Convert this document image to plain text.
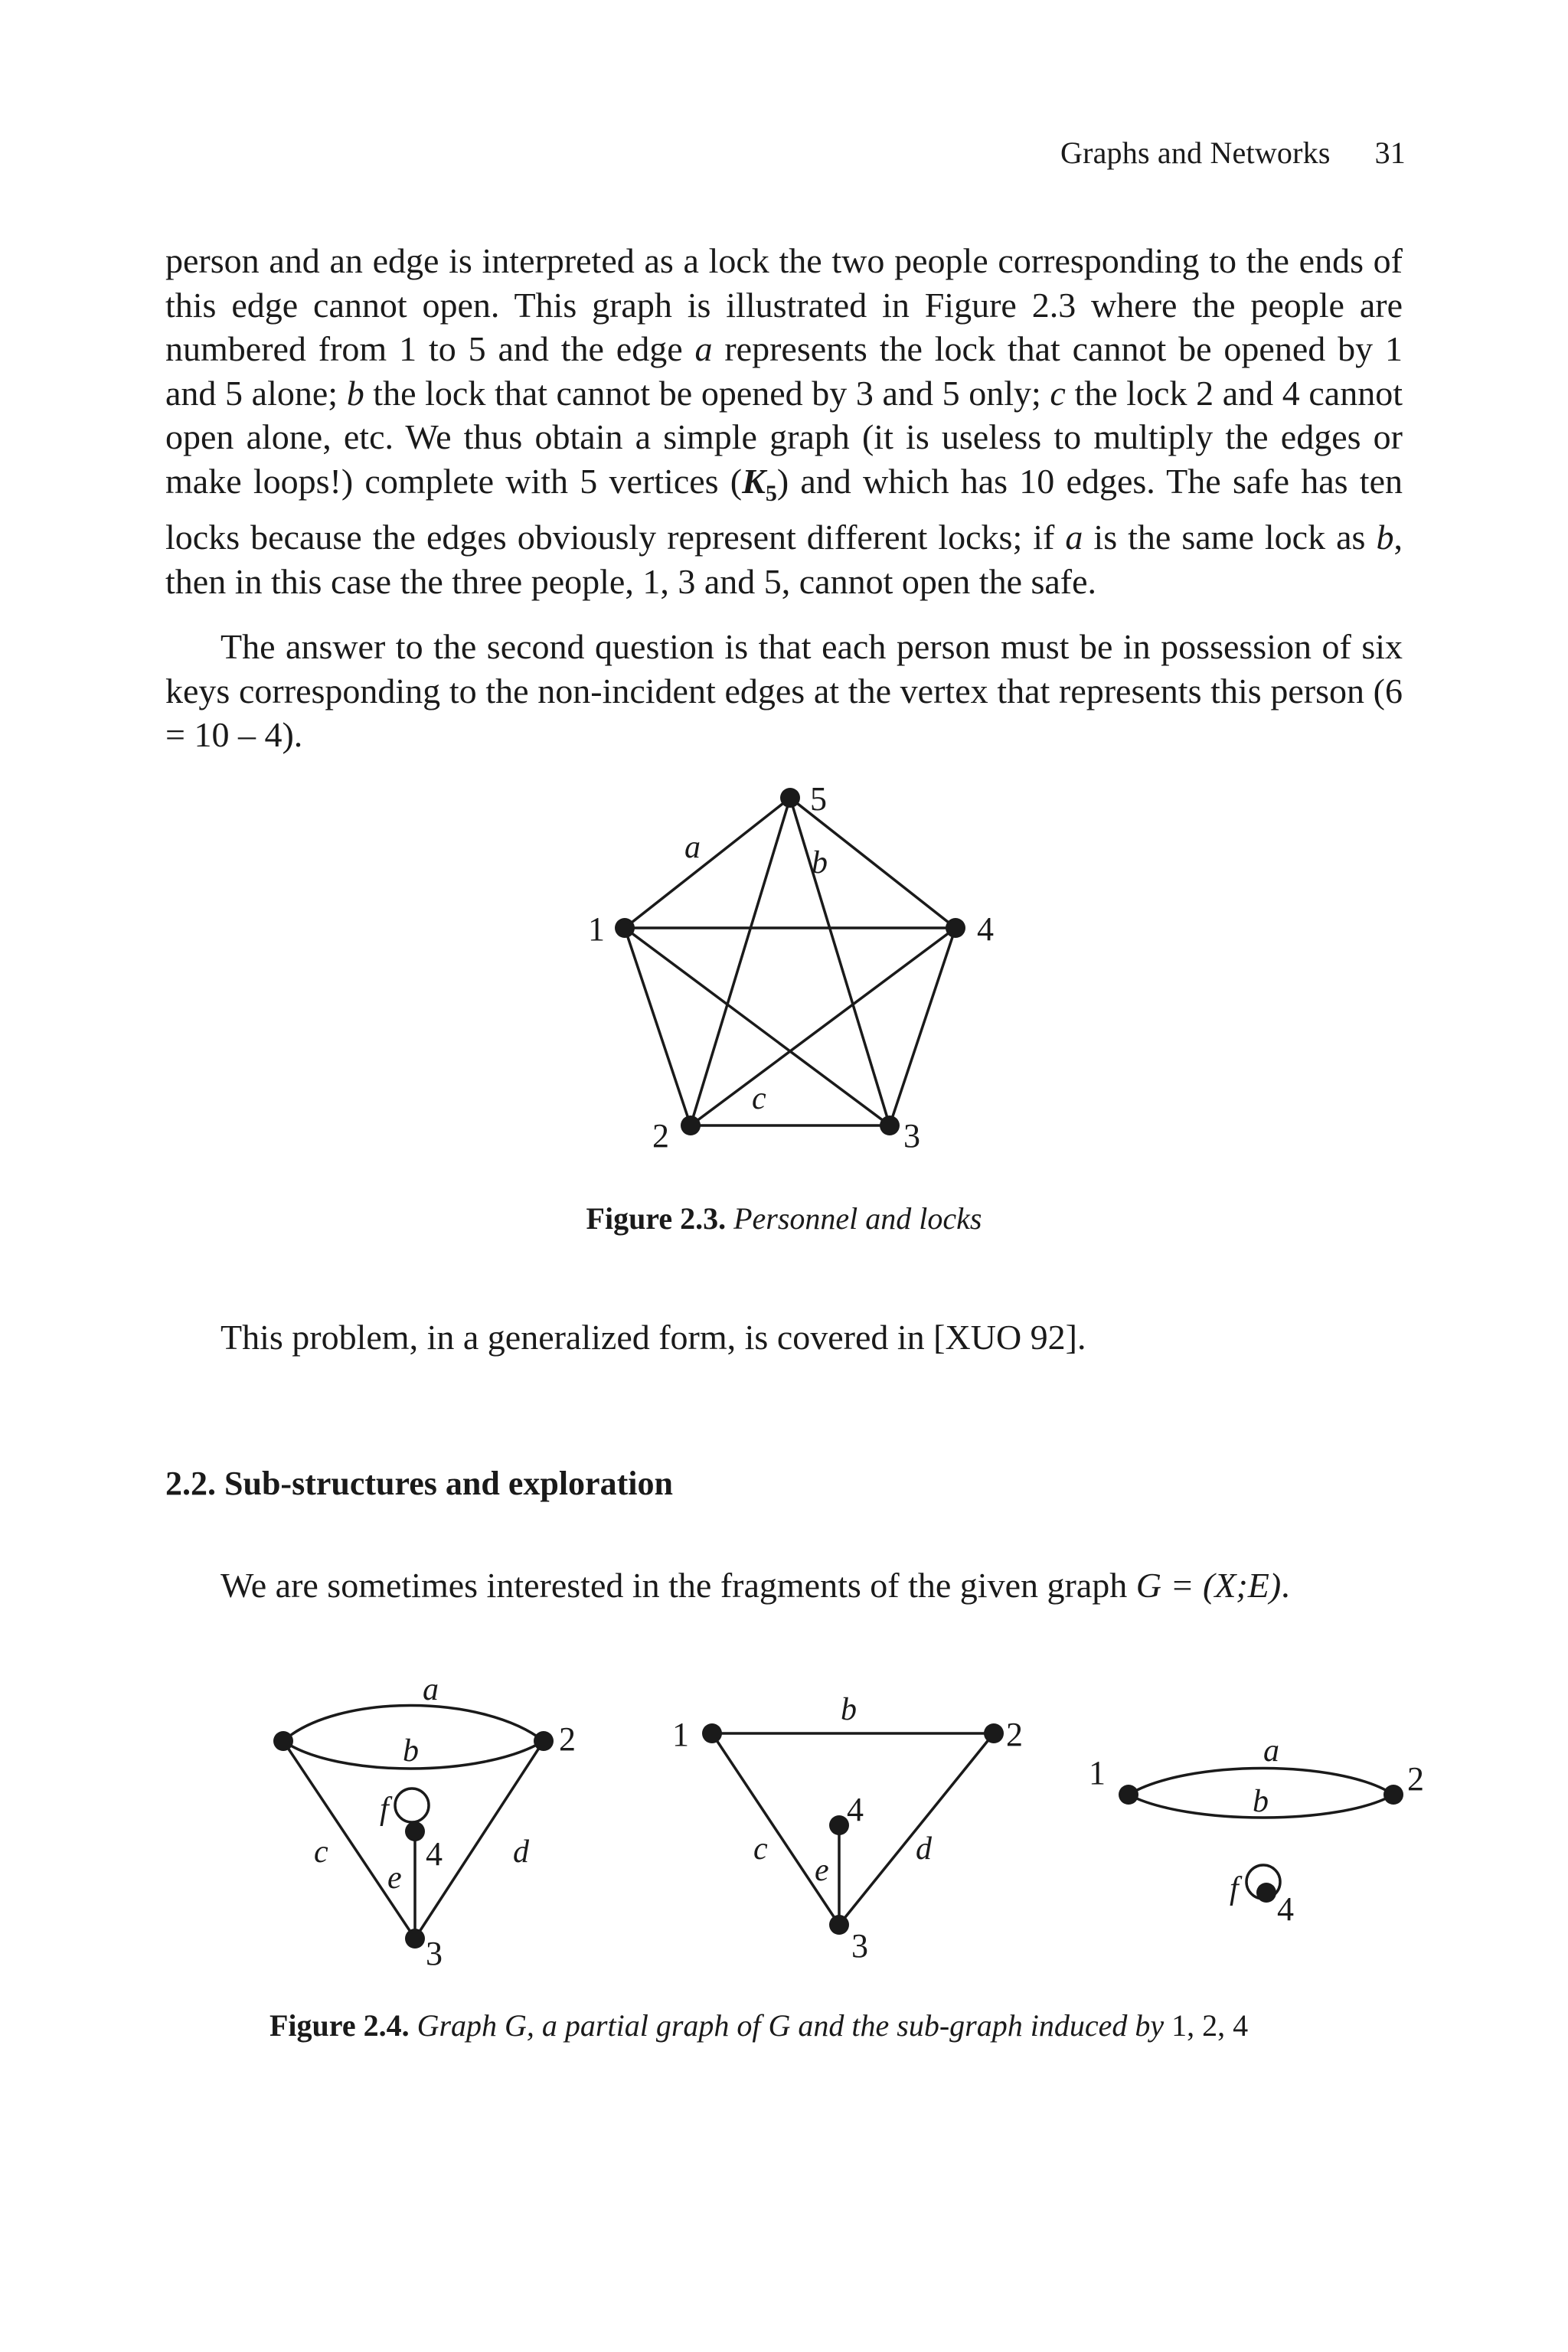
Graphs and Networks 31

person and an edge is interpreted as a lock the two people corresponding to the ends of this edge cannot open. This graph is illustrated in Figure 2.3 where the people are numbered from 1 to 5 and the edge a represents the lock that cannot be opened by 1 and 5 alone; b the lock that cannot be opened by 3 and 5 only; c the lock 2 and 4 cannot open alone, etc. We thus obtain a simple graph (it is useless to multiply the edges or make loops!) complete with 5 vertices $(K_5)$ and which has 10 edges. The safe has ten locks because the edges obviously represent different locks; if a is the same lock as b, then in this case the three people, 1, 3 and 5, cannot open the safe.

The answer to the second question is that each person must be in possession of six keys corresponding to the non-incident edges at the vertex that represents this person (6 = 10 – 4).

1
2	3
4
5
a	b
c
Figure 2.3. Personnel and locks
This problem, in a generalized form, is covered in [XUO 92].
2.2. Sub-structures and exploration
We are sometimes interested in the fragments of the given graph G = (X;E).
a
b
c	d
e
f
2
4
3
b
c	d
e
1	2
4
3
a
b
f
1	2
4
Figure 2.4. Graph G, a partial graph of G and the sub-graph induced by 1, 2, 4
